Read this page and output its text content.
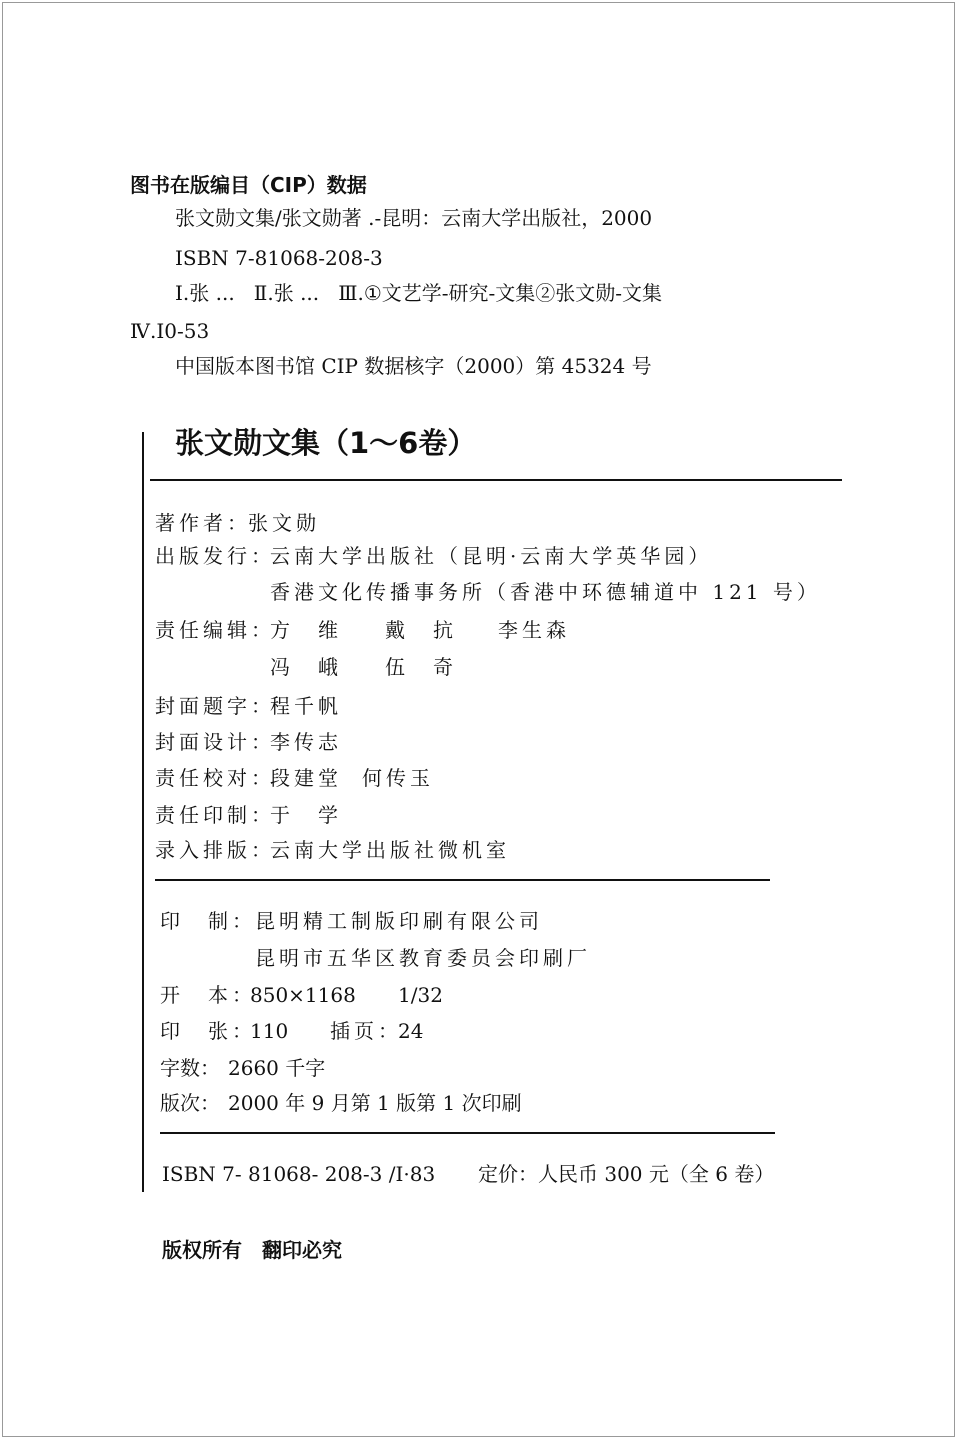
图书在版编目（CIP）数据
张文勋文集/张文勋著 .-昆明：云南大学出版社，2000
ISBN 7-81068-208-3
Ⅰ.张 ...   Ⅱ.张 ...   Ⅲ.①文艺学-研究-文集②张文勋-文集
Ⅳ.I0-53
中国版本图书馆 CIP 数据核字（2000）第 45324 号
张文勋文集（1～6卷）
著作者：
张文勋
出版发行：
云南大学出版社（昆明·云南大学英华园）
香港文化传播事务所（香港中环德辅道中 121 号）
责任编辑：
方　维 戴　抗 李生森
冯　峨 伍　奇
封面题字：
程千帆
封面设计：
李传志
责任校对：
段建堂 何传玉
责任印制：
于　学
录入排版：
云南大学出版社微机室
印　制： 昆明精工制版印刷有限公司
昆明市五华区教育委员会印刷厂
开　本：
850×1168 1/32
印　张：
110 插页：
24
字数： 2660 千字
版次： 2000 年 9 月第 1 版第 1 次印刷
ISBN 7- 81068- 208-3 /I·83 定价：人民币 300 元（全 6 卷）
版权所有　翻印必究
